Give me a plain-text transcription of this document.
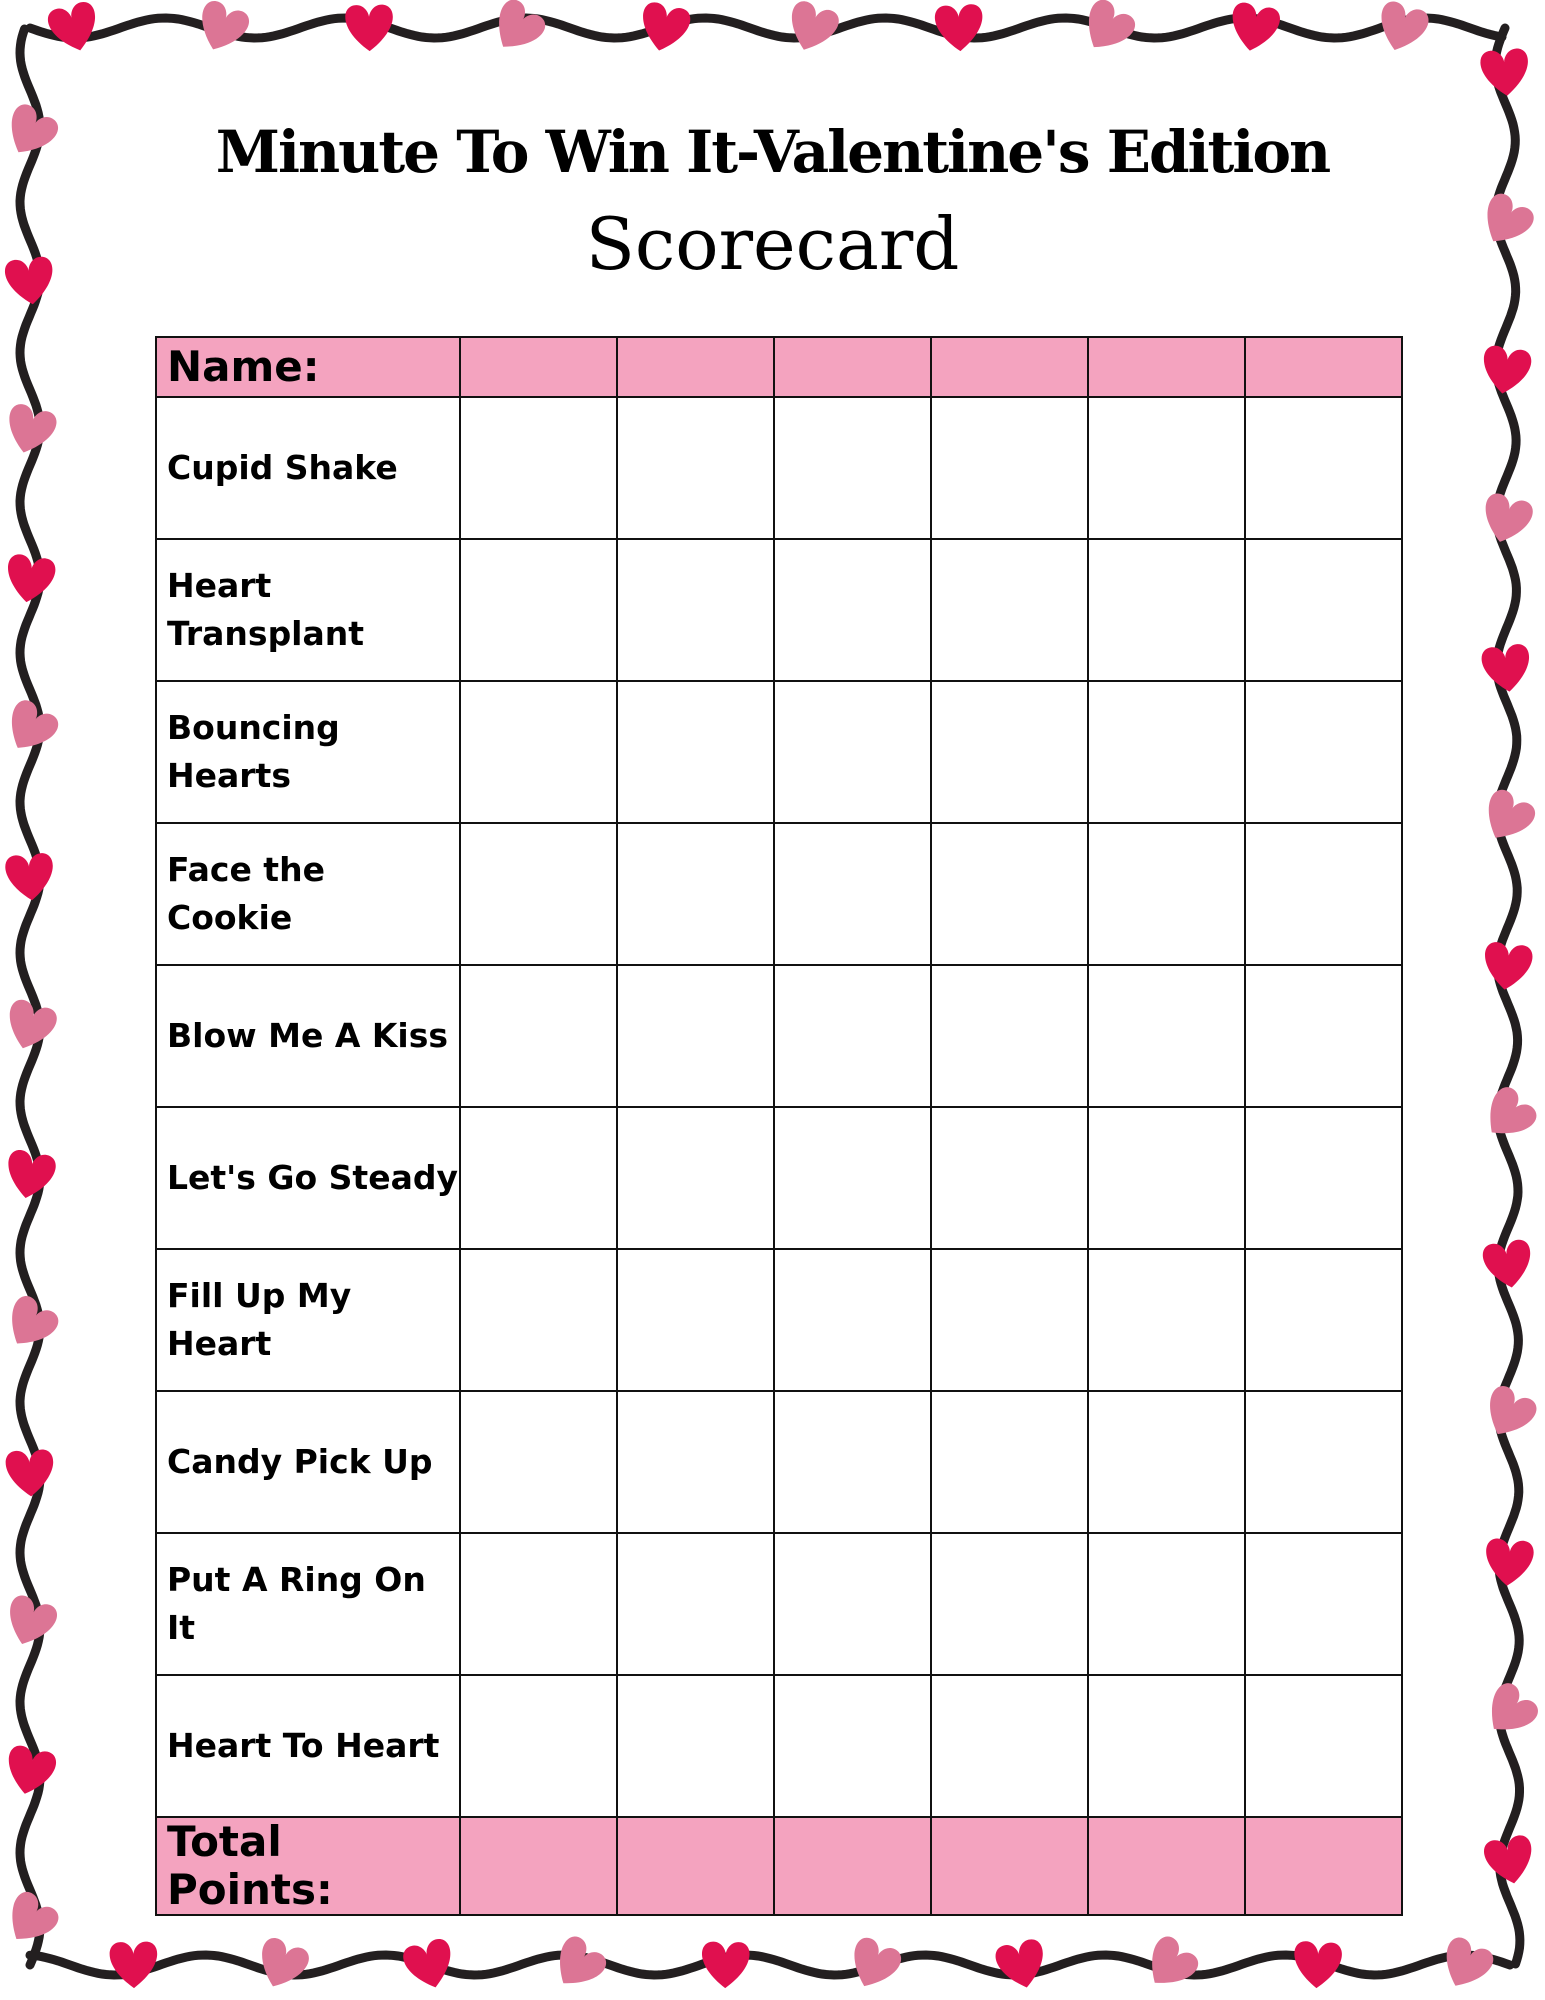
Minute To Win It-Valentine's Edition
Scorecard
Name:						
Cupid Shake						
Heart Transplant						
Bouncing Hearts						
Face the Cookie						
Blow Me A Kiss						
Let's Go Steady						
Fill Up My Heart						
Candy Pick Up						
Put A Ring On It						
Heart To Heart						
Total Points:						
